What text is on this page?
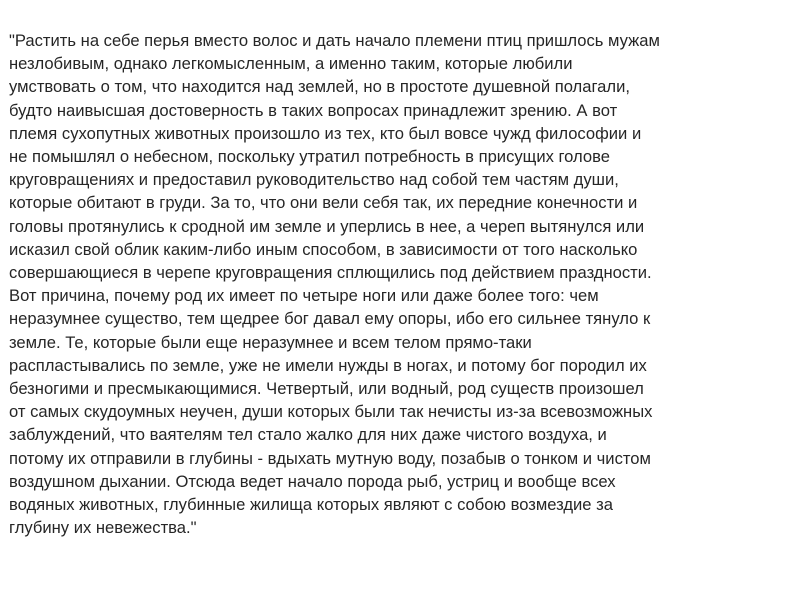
"Растить на себе перья вместо волос и дать начало племени птиц пришлось мужам
незлобивым, однако легкомысленным, а именно таким, которые любили
умствовать о том, что находится над землей, но в простоте душевной полагали,
будто наивысшая достоверность в таких вопросах принадлежит зрению. А вот
племя сухопутных животных произошло из тех, кто был вовсе чужд философии и
не помышлял о небесном, поскольку утратил потребность в присущих голове
круговращениях и предоставил руководительство над собой тем частям души,
которые обитают в груди. За то, что они вели себя так, их передние конечности и
головы протянулись к сродной им земле и уперлись в нее, а череп вытянулся или
исказил свой облик каким-либо иным способом, в зависимости от того насколько
совершающиеся в черепе круговращения сплющились под действием праздности.
Вот причина, почему род их имеет по четыре ноги или даже более того: чем
неразумнее существо, тем щедрее бог давал ему опоры, ибо его сильнее тянуло к
земле. Те, которые были еще неразумнее и всем телом прямо-таки
распластывались по земле, уже не имели нужды в ногах, и потому бог породил их
безногими и пресмыкающимися. Четвертый, или водный, род существ произошел
от самых скудоумных неучен, души которых были так нечисты из-за всевозможных
заблуждений, что ваятелям тел стало жалко для них даже чистого воздуха, и
потому их отправили в глубины - вдыхать мутную воду, позабыв о тонком и чистом
воздушном дыхании. Отсюда ведет начало порода рыб, устриц и вообще всех
водяных животных, глубинные жилища которых являют с собою возмездие за
глубину их невежества."
